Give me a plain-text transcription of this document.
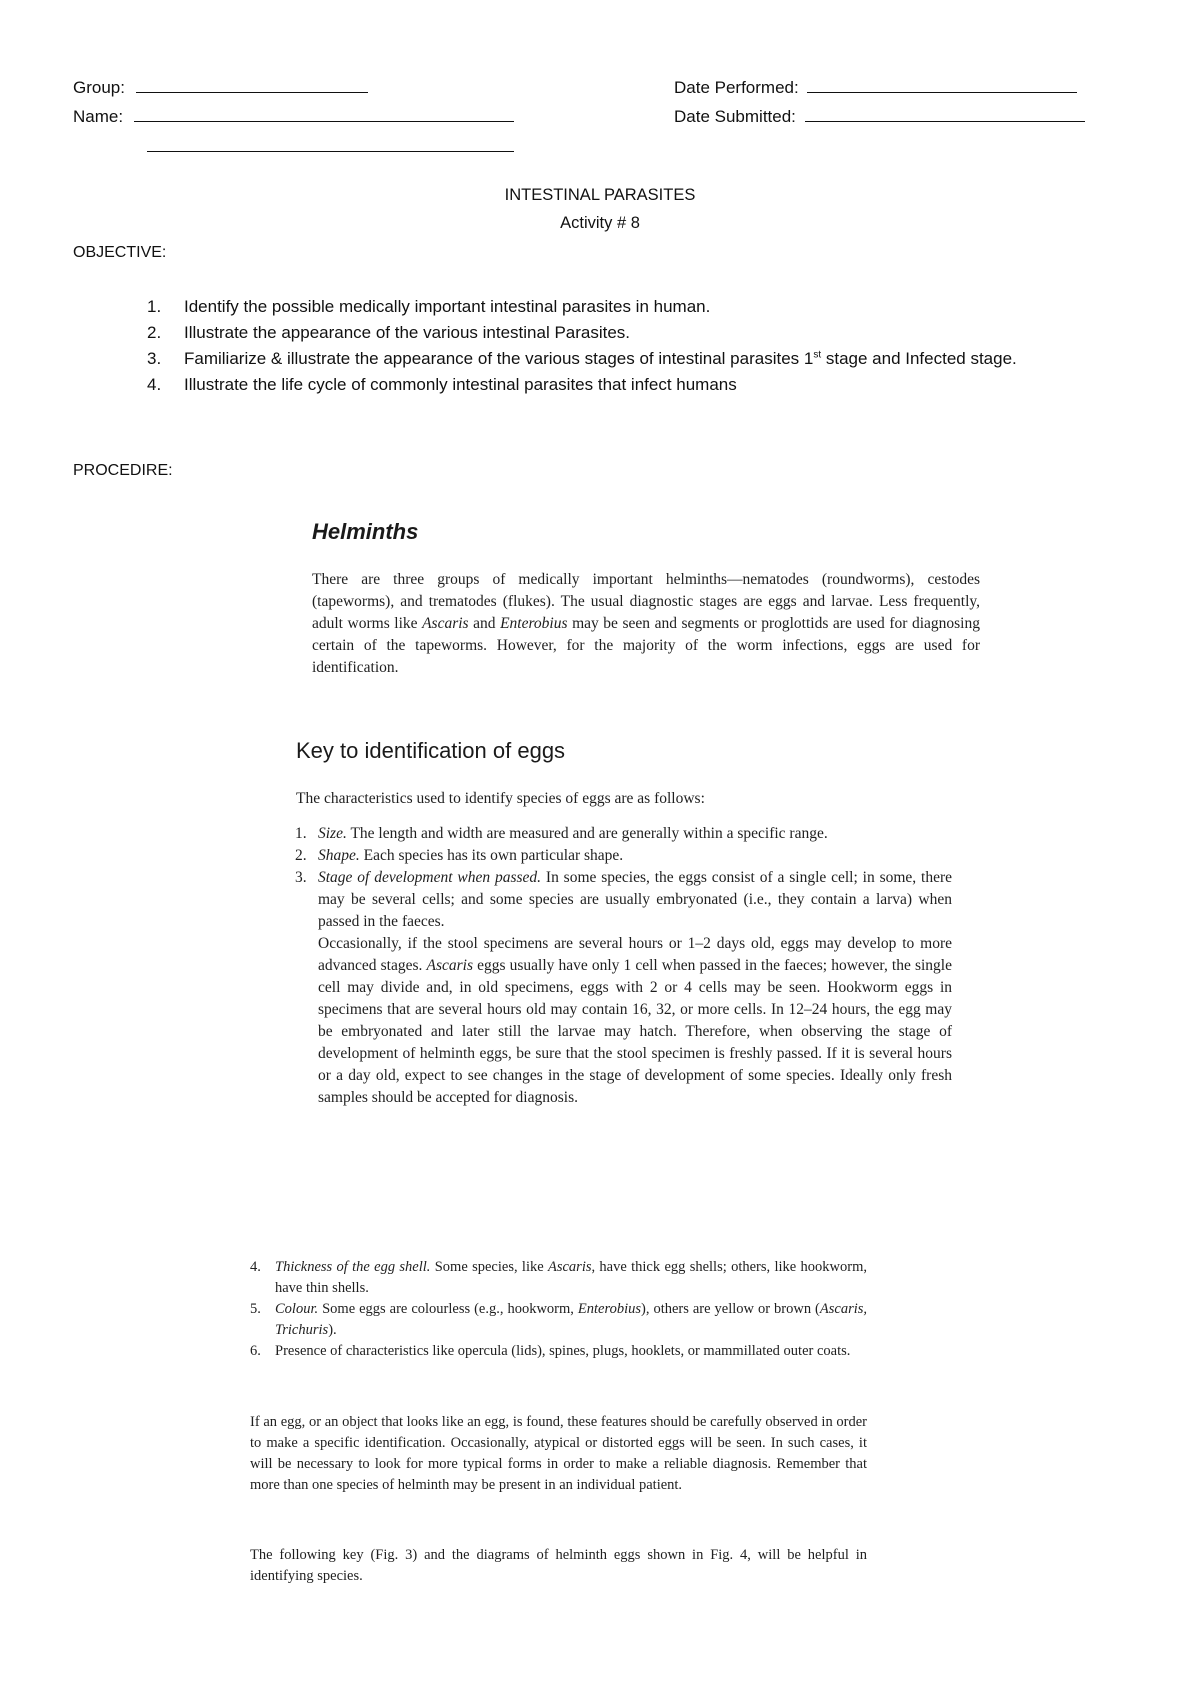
Group:
Name:
Date Performed:
Date Submitted:
INTESTINAL PARASITES
Activity # 8
OBJECTIVE:
1.	Identify the possible medically important intestinal parasites in human.
2.	Illustrate the appearance of the various intestinal Parasites.
3.	Familiarize & illustrate the appearance of the various stages of intestinal parasites 1st stage and Infected stage.
4.	Illustrate the life cycle of commonly intestinal parasites that infect humans
PROCEDIRE:
Helminths

There are three groups of medically important helminths—nematodes (roundworms), cestodes (tapeworms), and trematodes (flukes). The usual diagnostic stages are eggs and larvae. Less frequently, adult worms like Ascaris and Enterobius may be seen and segments or proglottids are used for diagnosing certain of the tapeworms. However, for the majority of the worm infections, eggs are used for identification.

Key to identification of eggs
The characteristics used to identify species of eggs are as follows:
1. Size. The length and width are measured and are generally within a specific range.
2. Shape. Each species has its own particular shape.
3. Stage of development when passed. In some species, the eggs consist of a single cell; in some, there may be several cells; and some species are usually embryonated (i.e., they contain a larva) when passed in the faeces.
Occasionally, if the stool specimens are several hours or 1–2 days old, eggs may develop to more advanced stages. Ascaris eggs usually have only 1 cell when passed in the faeces; however, the single cell may divide and, in old specimens, eggs with 2 or 4 cells may be seen. Hookworm eggs in specimens that are several hours old may contain 16, 32, or more cells. In 12–24 hours, the egg may be embryonated and later still the larvae may hatch. Therefore, when observing the stage of development of helminth eggs, be sure that the stool specimen is freshly passed. If it is several hours or a day old, expect to see changes in the stage of development of some species. Ideally only fresh samples should be accepted for diagnosis.
4. Thickness of the egg shell. Some species, like Ascaris, have thick egg shells; others, like hookworm, have thin shells.
5. Colour. Some eggs are colourless (e.g., hookworm, Enterobius), others are yellow or brown (Ascaris, Trichuris).
6. Presence of characteristics like opercula (lids), spines, plugs, hooklets, or mammillated outer coats.
If an egg, or an object that looks like an egg, is found, these features should be carefully observed in order to make a specific identification. Occasionally, atypical or distorted eggs will be seen. In such cases, it will be necessary to look for more typical forms in order to make a reliable diagnosis. Remember that more than one species of helminth may be present in an individual patient.
The following key (Fig. 3) and the diagrams of helminth eggs shown in Fig. 4, will be helpful in identifying species.
